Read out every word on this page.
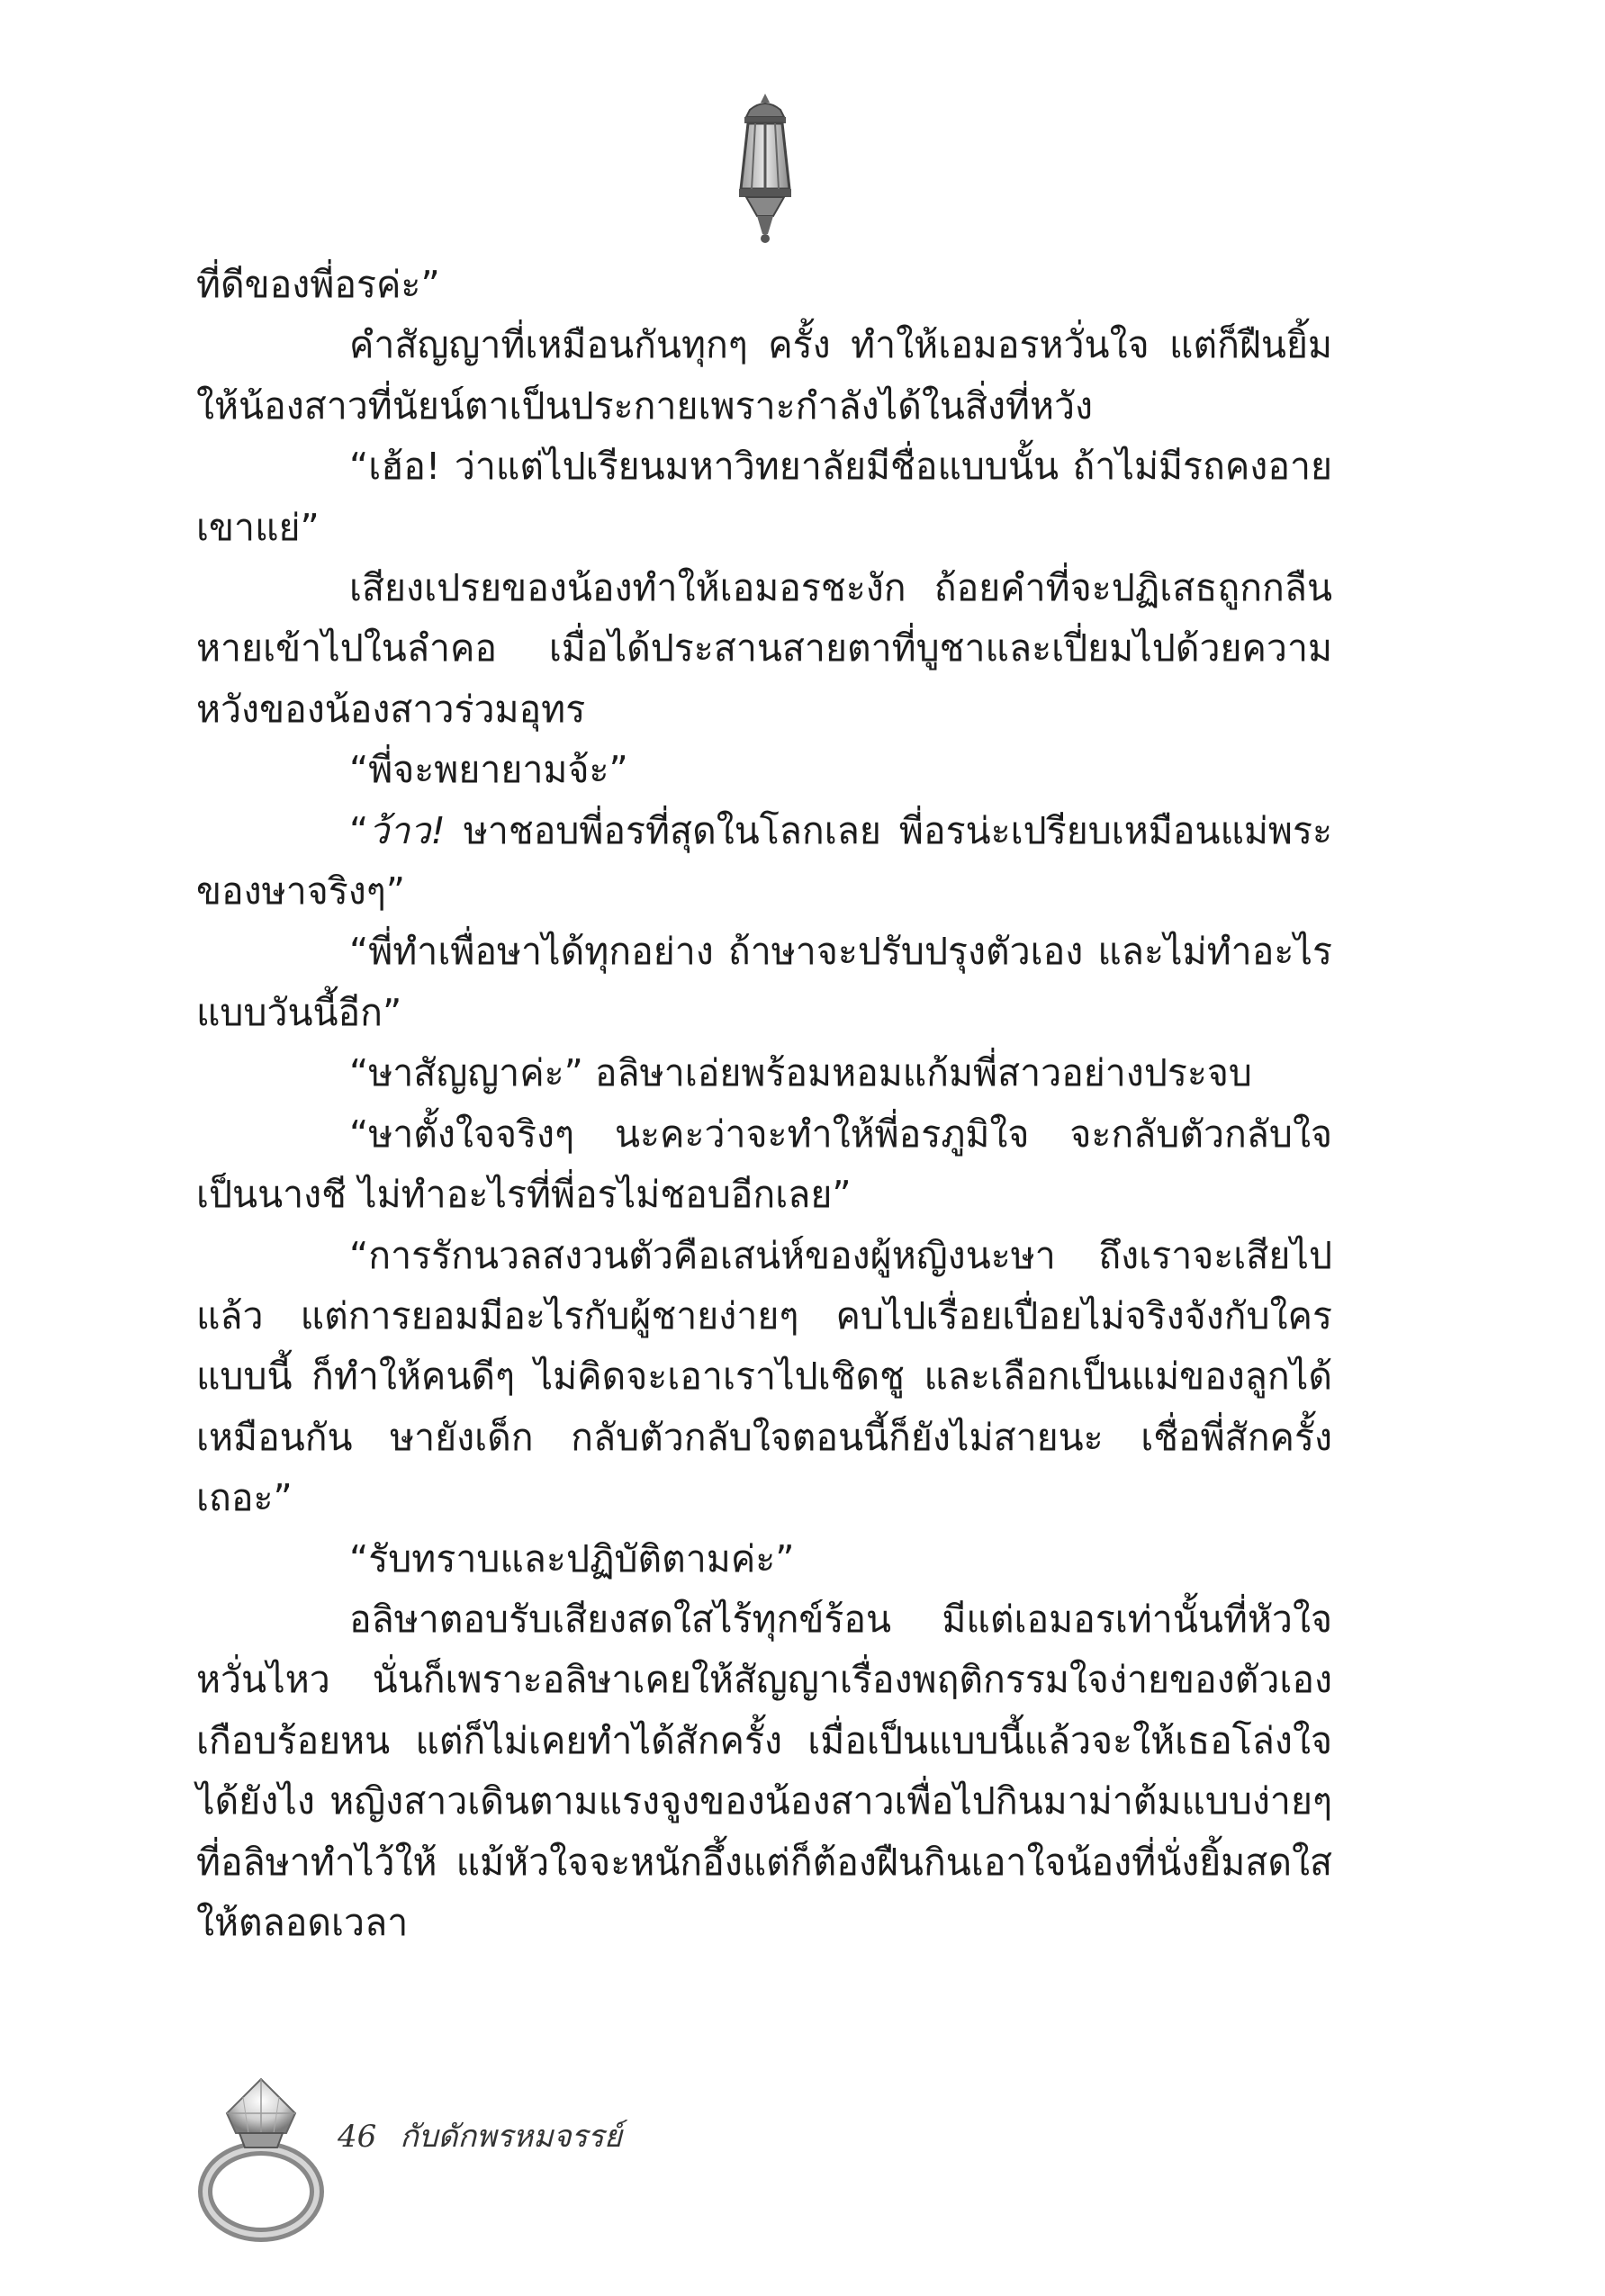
ที่ดีของพี่อรค่ะ”

คำสัญญาที่เหมือนกันทุกๆ ครั้ง ทำให้เอมอรหวั่นใจ แต่ก็ฝืนยิ้มให้น้องสาวที่นัยน์ตาเป็นประกายเพราะกำลังได้ในสิ่งที่หวัง

“เฮ้อ! ว่าแต่ไปเรียนมหาวิทยาลัยมีชื่อแบบนั้น ถ้าไม่มีรถคงอายเขาแย่”

เสียงเปรยของน้องทำให้เอมอรชะงัก ถ้อยคำที่จะปฏิเสธถูกกลืนหายเข้าไปในลำคอ เมื่อได้ประสานสายตาที่บูชาและเปี่ยมไปด้วยความหวังของน้องสาวร่วมอุทร

“พี่จะพยายามจ้ะ”

“ว้าว! ษาชอบพี่อรที่สุดในโลกเลย พี่อรน่ะเปรียบเหมือนแม่พระของษาจริงๆ”

“พี่ทำเพื่อษาได้ทุกอย่าง ถ้าษาจะปรับปรุงตัวเอง และไม่ทำอะไรแบบวันนี้อีก”

“ษาสัญญาค่ะ” อลิษาเอ่ยพร้อมหอมแก้มพี่สาวอย่างประจบ

“ษาตั้งใจจริงๆ นะคะว่าจะทำให้พี่อรภูมิใจ จะกลับตัวกลับใจเป็นนางชี ไม่ทำอะไรที่พี่อรไม่ชอบอีกเลย”

“การรักนวลสงวนตัวคือเสน่ห์ของผู้หญิงนะษา ถึงเราจะเสียไปแล้ว แต่การยอมมีอะไรกับผู้ชายง่ายๆ คบไปเรื่อยเปื่อยไม่จริงจังกับใครแบบนี้ ก็ทำให้คนดีๆ ไม่คิดจะเอาเราไปเชิดชู และเลือกเป็นแม่ของลูกได้เหมือนกัน ษายังเด็ก กลับตัวกลับใจตอนนี้ก็ยังไม่สายนะ เชื่อพี่สักครั้งเถอะ”

“รับทราบและปฏิบัติตามค่ะ”

อลิษาตอบรับเสียงสดใสไร้ทุกข์ร้อน มีแต่เอมอรเท่านั้นที่หัวใจหวั่นไหว นั่นก็เพราะอลิษาเคยให้สัญญาเรื่องพฤติกรรมใจง่ายของตัวเองเกือบร้อยหน แต่ก็ไม่เคยทำได้สักครั้ง เมื่อเป็นแบบนี้แล้วจะให้เธอโล่งใจได้ยังไง หญิงสาวเดินตามแรงจูงของน้องสาวเพื่อไปกินมาม่าต้มแบบง่ายๆ ที่อลิษาทำไว้ให้ แม้หัวใจจะหนักอึ้งแต่ก็ต้องฝืนกินเอาใจน้องที่นั่งยิ้มสดใสให้ตลอดเวลา

46 กับดักพรหมจรรย์
